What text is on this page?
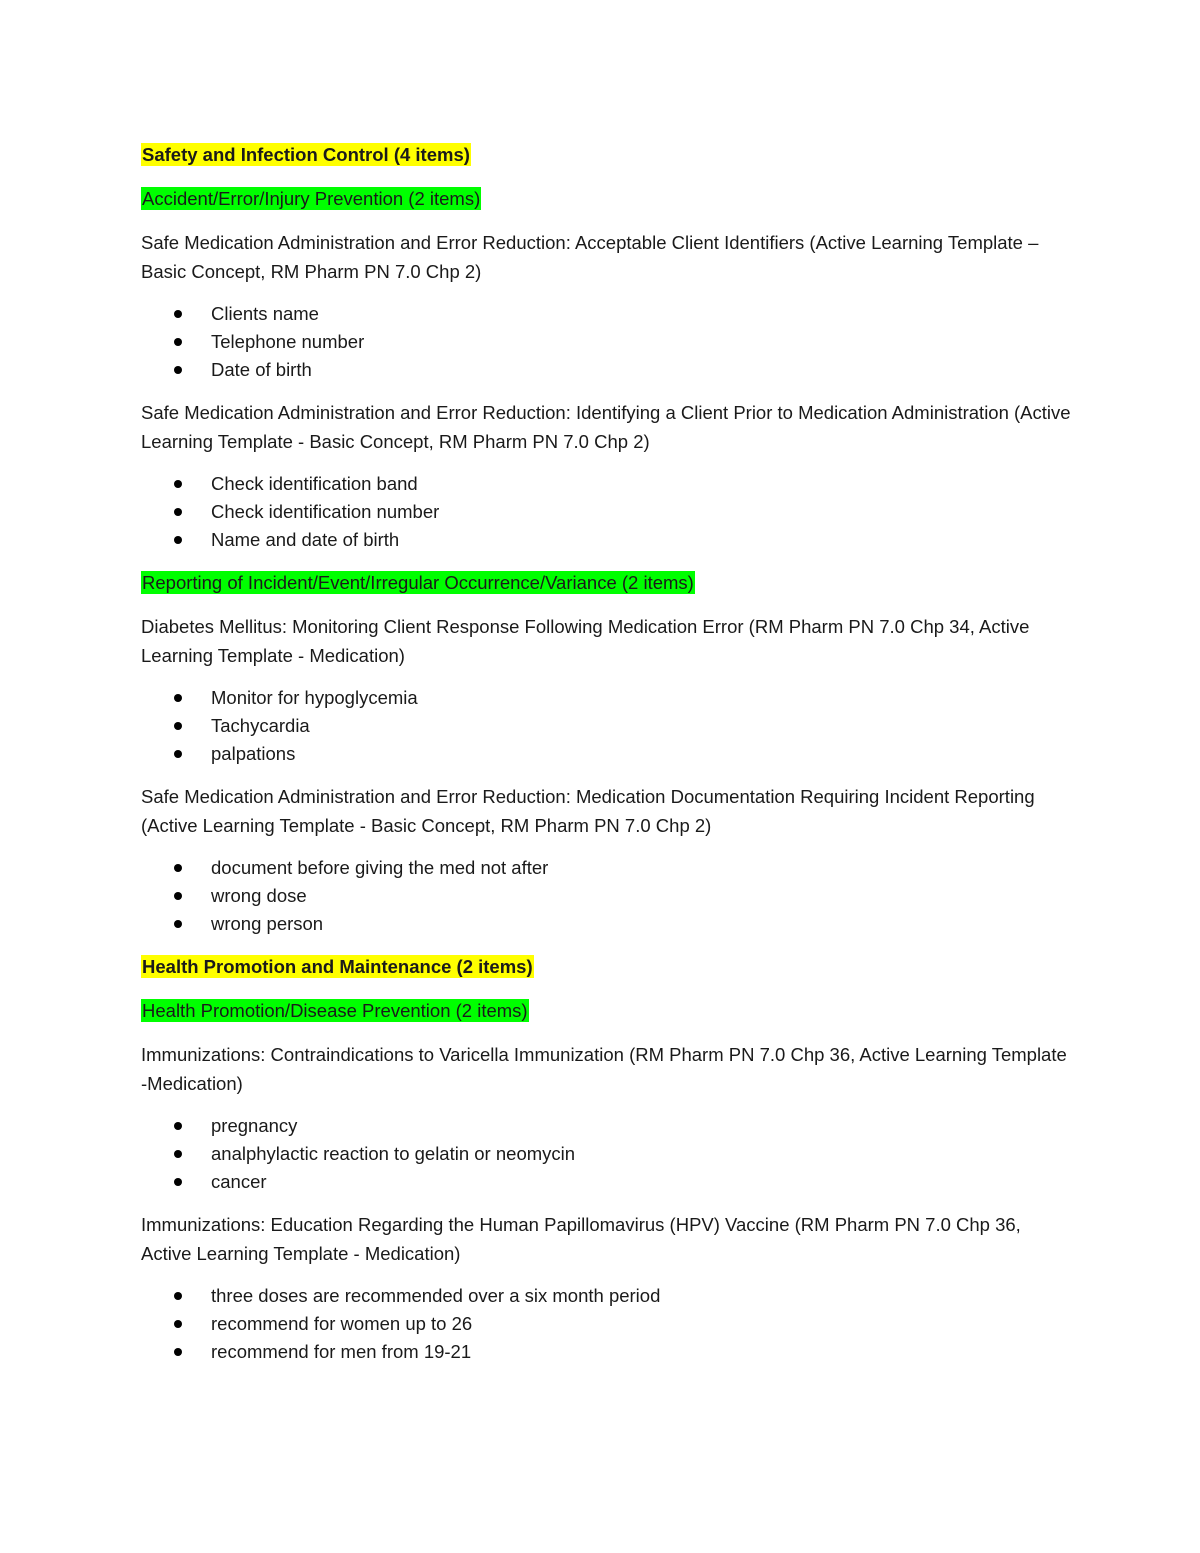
Safety and Infection Control (4 items)
Accident/Error/Injury Prevention (2 items)
Safe Medication Administration and Error Reduction: Acceptable Client Identifiers (Active Learning Template – Basic Concept, RM Pharm PN 7.0 Chp 2)
Clients name
Telephone number
Date of birth
Safe Medication Administration and Error Reduction: Identifying a Client Prior to Medication Administration (Active Learning Template - Basic Concept, RM Pharm PN 7.0 Chp 2)
Check identification band
Check identification number
Name and date of birth
Reporting of Incident/Event/Irregular Occurrence/Variance (2 items)
Diabetes Mellitus: Monitoring Client Response Following Medication Error (RM Pharm PN 7.0 Chp 34, Active Learning Template - Medication)
Monitor for hypoglycemia
Tachycardia
palpations
Safe Medication Administration and Error Reduction: Medication Documentation Requiring Incident Reporting (Active Learning Template - Basic Concept, RM Pharm PN 7.0 Chp 2)
document before giving the med not after
wrong dose
wrong person
Health Promotion and Maintenance (2 items)
Health Promotion/Disease Prevention (2 items)
Immunizations: Contraindications to Varicella Immunization (RM Pharm PN 7.0 Chp 36, Active Learning Template -Medication)
pregnancy
analphylactic reaction to gelatin or neomycin
cancer
Immunizations: Education Regarding the Human Papillomavirus (HPV) Vaccine (RM Pharm PN 7.0 Chp 36, Active Learning Template - Medication)
three doses are recommended over a six month period
recommend for women up to 26
recommend for men from 19-21
